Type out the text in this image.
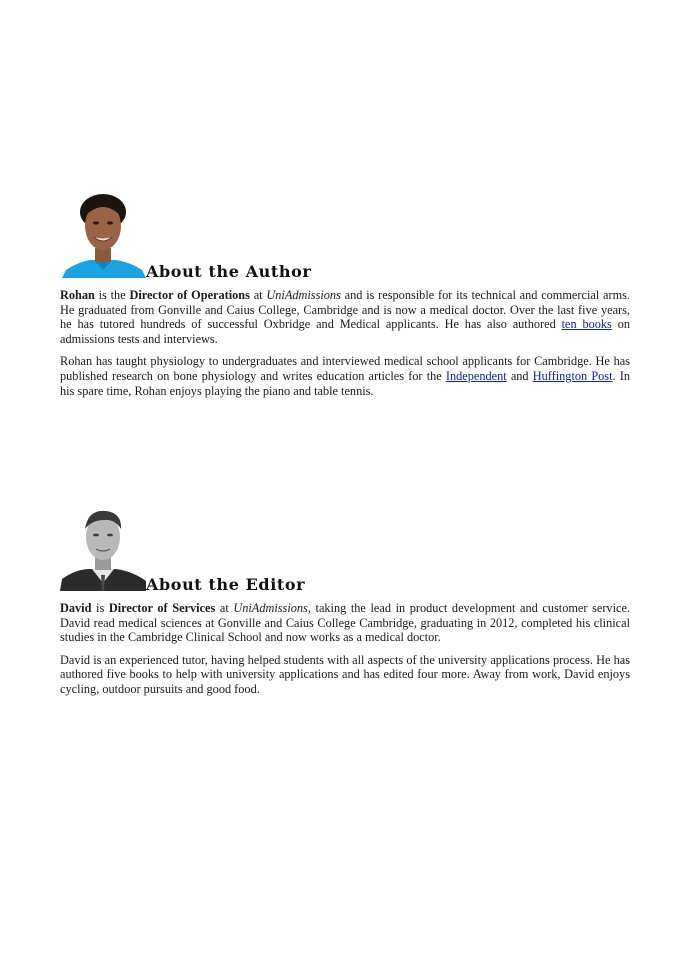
About the Author

Rohan is the Director of Operations at UniAdmissions and is responsible for its technical and commercial arms. He graduated from Gonville and Caius College, Cambridge and is now a medical doctor. Over the last five years, he has tutored hundreds of successful Oxbridge and Medical applicants. He has also authored ten books on admissions tests and interviews.

Rohan has taught physiology to undergraduates and interviewed medical school applicants for Cambridge. He has published research on bone physiology and writes education articles for the Independent and Huffington Post. In his spare time, Rohan enjoys playing the piano and table tennis.

About the Editor

David is Director of Services at UniAdmissions, taking the lead in product development and customer service. David read medical sciences at Gonville and Caius College Cambridge, graduating in 2012, completed his clinical studies in the Cambridge Clinical School and now works as a medical doctor.

David is an experienced tutor, having helped students with all aspects of the university applications process. He has authored five books to help with university applications and has edited four more. Away from work, David enjoys cycling, outdoor pursuits and good food.
